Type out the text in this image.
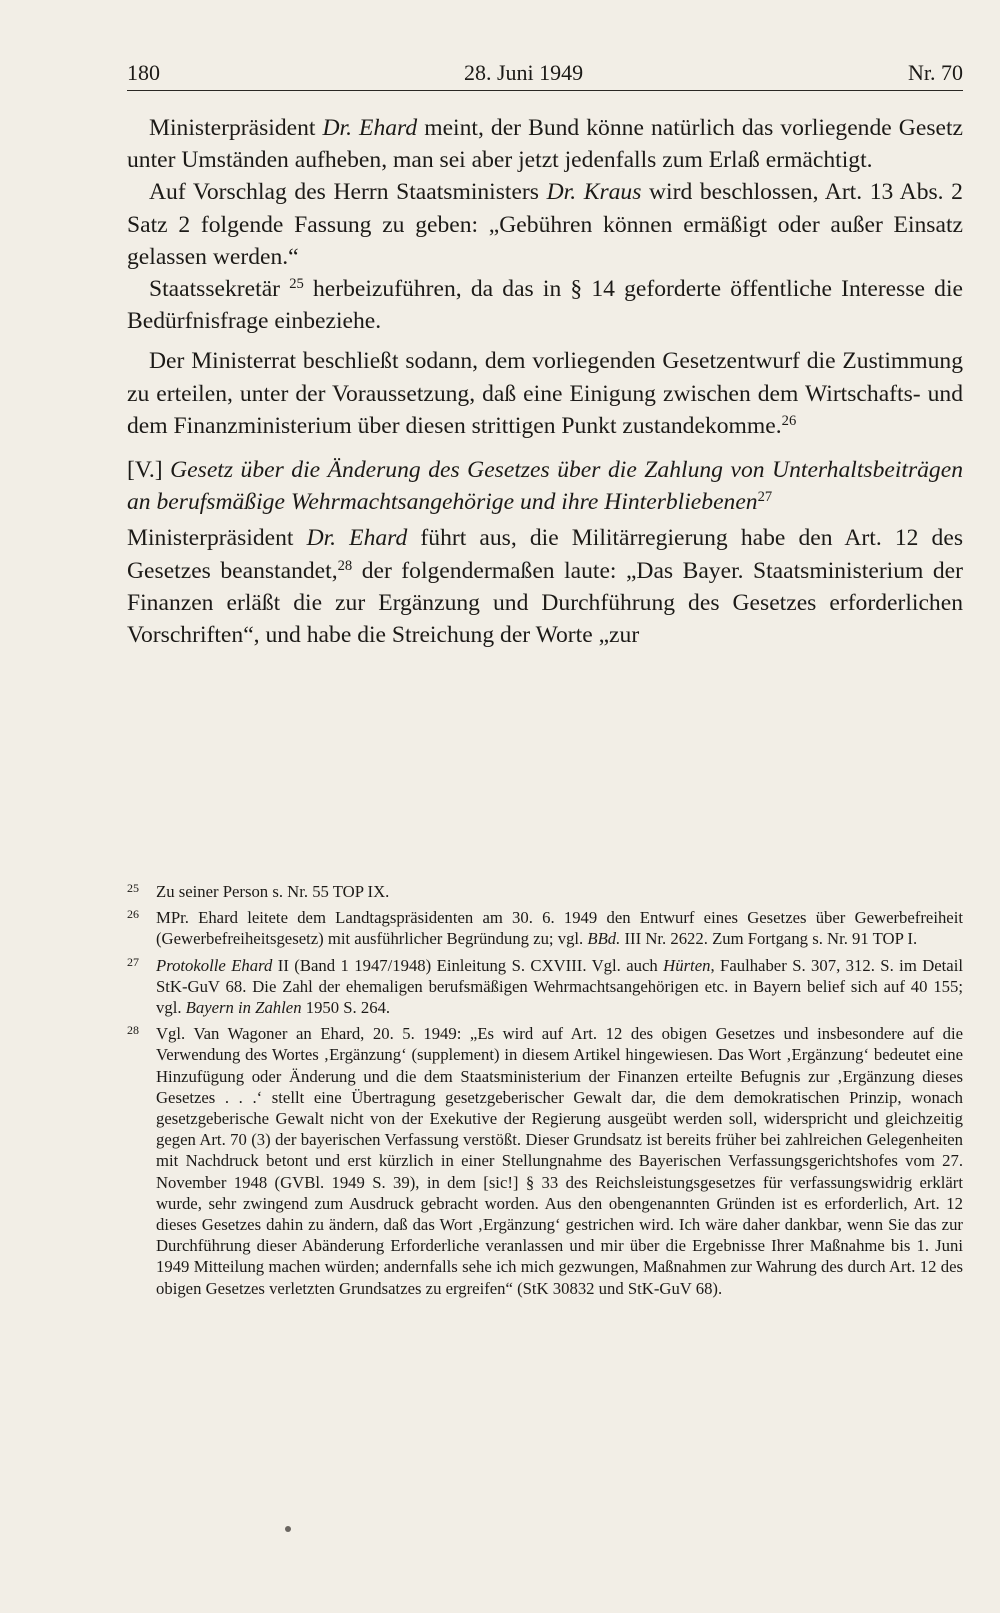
180	28. Juni 1949	Nr. 70

Ministerpräsident Dr. Ehard meint, der Bund könne natürlich das vorliegende Gesetz unter Umständen aufheben, man sei aber jetzt jedenfalls zum Erlaß ermächtigt.

Auf Vorschlag des Herrn Staatsministers Dr. Kraus wird beschlossen, Art. 13 Abs. 2 Satz 2 folgende Fassung zu geben: „Gebühren können ermäßigt oder außer Einsatz gelassen werden.“

Staatssekretär $^{25}$ herbeizuführen, da das in § 14 geforderte öffentliche Interesse die Bedürfnisfrage einbeziehe.

Der Ministerrat beschließt sodann, dem vorliegenden Gesetzentwurf die Zustimmung zu erteilen, unter der Voraussetzung, daß eine Einigung zwischen dem Wirtschafts- und dem Finanzministerium über diesen strittigen Punkt zustandekomme.$^{26}$

[V.] Gesetz über die Änderung des Gesetzes über die Zahlung von Unterhaltsbeiträgen an berufsmäßige Wehrmachtsangehörige und ihre Hinterbliebenen$^{27}$

Ministerpräsident Dr. Ehard führt aus, die Militärregierung habe den Art. 12 des Gesetzes beanstandet,$^{28}$ der folgendermaßen laute: „Das Bayer. Staatsministerium der Finanzen erläßt die zur Ergänzung und Durchführung des Gesetzes erforderlichen Vorschriften“, und habe die Streichung der Worte „zur

25 Zu seiner Person s. Nr. 55 TOP IX.
26 MPr. Ehard leitete dem Landtagspräsidenten am 30. 6. 1949 den Entwurf eines Gesetzes über Gewerbefreiheit (Gewerbefreiheitsgesetz) mit ausführlicher Begründung zu; vgl. BBd. III Nr. 2622. Zum Fortgang s. Nr. 91 TOP I.
27 Protokolle Ehard II (Band 1 1947/1948) Einleitung S. CXVIII. Vgl. auch Hürten, Faulhaber S. 307, 312. S. im Detail StK-GuV 68. Die Zahl der ehemaligen berufsmäßigen Wehrmachtsangehörigen etc. in Bayern belief sich auf 40 155; vgl. Bayern in Zahlen 1950 S. 264.
28 Vgl. Van Wagoner an Ehard, 20. 5. 1949: „Es wird auf Art. 12 des obigen Gesetzes und insbesondere auf die Verwendung des Wortes ‚Ergänzung‘ (supplement) in diesem Artikel hingewiesen. Das Wort ‚Ergänzung‘ bedeutet eine Hinzufügung oder Änderung und die dem Staatsministerium der Finanzen erteilte Befugnis zur ‚Ergänzung dieses Gesetzes . . .‘ stellt eine Übertragung gesetzgeberischer Gewalt dar, die dem demokratischen Prinzip, wonach gesetzgeberische Gewalt nicht von der Exekutive der Regierung ausgeübt werden soll, widerspricht und gleichzeitig gegen Art. 70 (3) der bayerischen Verfassung verstößt. Dieser Grundsatz ist bereits früher bei zahlreichen Gelegenheiten mit Nachdruck betont und erst kürzlich in einer Stellungnahme des Bayerischen Verfassungsgerichtshofes vom 27. November 1948 (GVBl. 1949 S. 39), in dem [sic!] § 33 des Reichsleistungsgesetzes für verfassungswidrig erklärt wurde, sehr zwingend zum Ausdruck gebracht worden. Aus den obengenannten Gründen ist es erforderlich, Art. 12 dieses Gesetzes dahin zu ändern, daß das Wort ‚Ergänzung‘ gestrichen wird. Ich wäre daher dankbar, wenn Sie das zur Durchführung dieser Abänderung Erforderliche veranlassen und mir über die Ergebnisse Ihrer Maßnahme bis 1. Juni 1949 Mitteilung machen würden; andernfalls sehe ich mich gezwungen, Maßnahmen zur Wahrung des durch Art. 12 des obigen Gesetzes verletzten Grundsatzes zu ergreifen“ (StK 30832 und StK-GuV 68).
